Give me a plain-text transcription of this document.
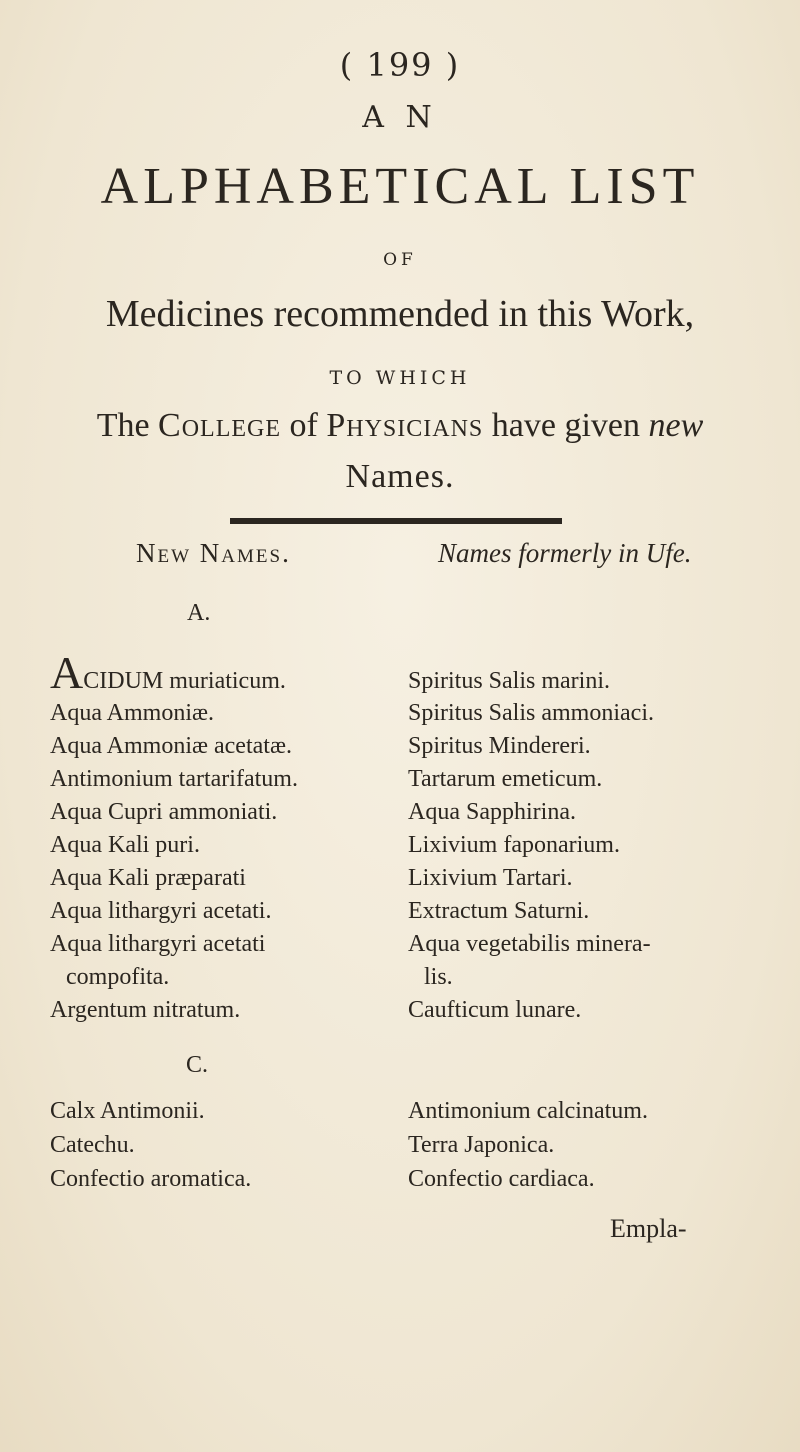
( 199 )
A N
ALPHABETICAL LIST
OF
Medicines recommended in this Work,
TO WHICH
The College of Physicians have given new
Names.
New Names.	Names formerly in Ufe.
A.
ACIDUM muriaticum.	Spiritus Salis marini.
Aqua Ammoniæ.	Spiritus Salis ammoniaci.
Aqua Ammoniæ acetatæ.	Spiritus Mindereri.
Antimonium tartarifatum.	Tartarum emeticum.
Aqua Cupri ammoniati.	Aqua Sapphirina.
Aqua Kali puri.	Lixivium faponarium.
Aqua Kali præparati	Lixivium Tartari.
Aqua lithargyri acetati.	Extractum Saturni.
Aqua lithargyri acetati	Aqua vegetabilis minera-
compofita.	lis.
Argentum nitratum.	Caufticum lunare.
C.
Calx Antimonii.	Antimonium calcinatum.
Catechu.	Terra Japonica.
Confectio aromatica.	Confectio cardiaca.
Empla-
